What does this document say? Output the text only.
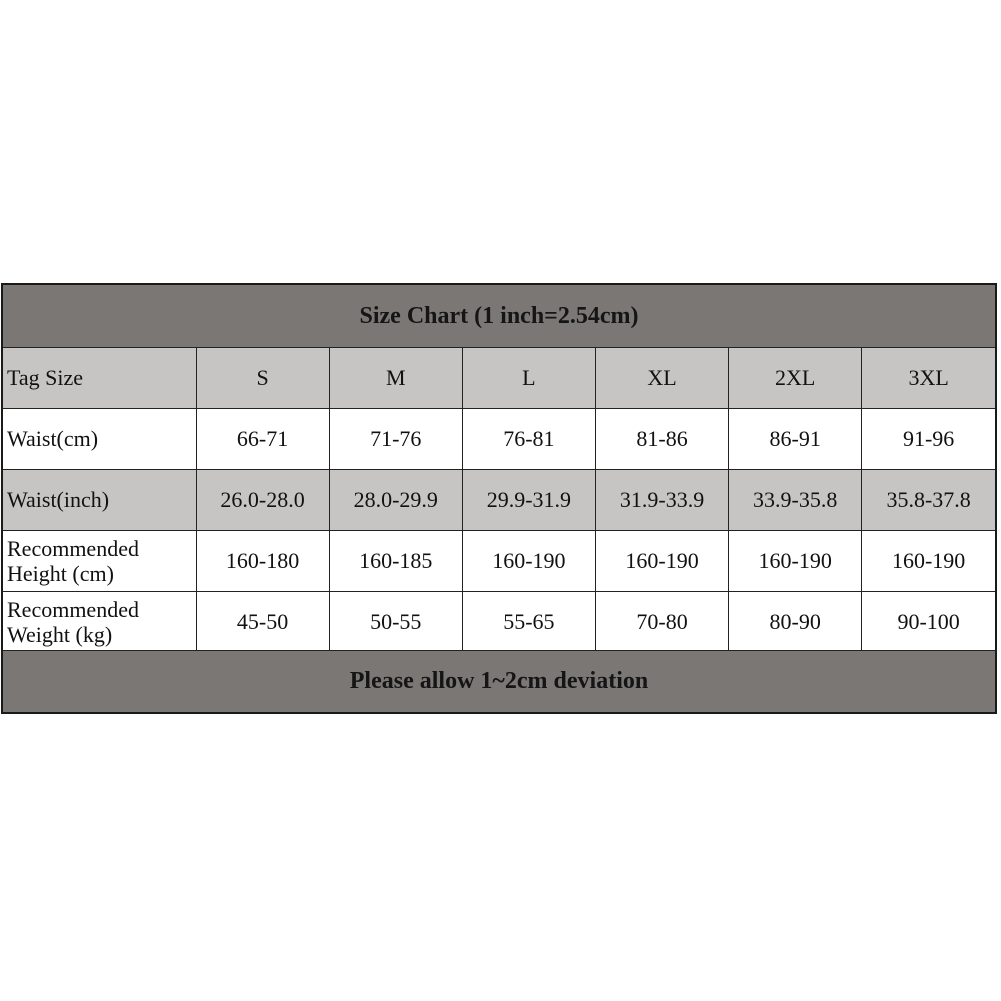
Size Chart (1 inch=2.54cm)
Tag Size	S	M	L	XL	2XL	3XL
Waist(cm)	66-71	71-76	76-81	81-86	86-91	91-96
Waist(inch)	26.0-28.0	28.0-29.9	29.9-31.9	31.9-33.9	33.9-35.8	35.8-37.8
Recommended
Height (cm)	160-180	160-185	160-190	160-190	160-190	160-190
Recommended
Weight (kg)	45-50	50-55	55-65	70-80	80-90	90-100
Please allow 1~2cm deviation
